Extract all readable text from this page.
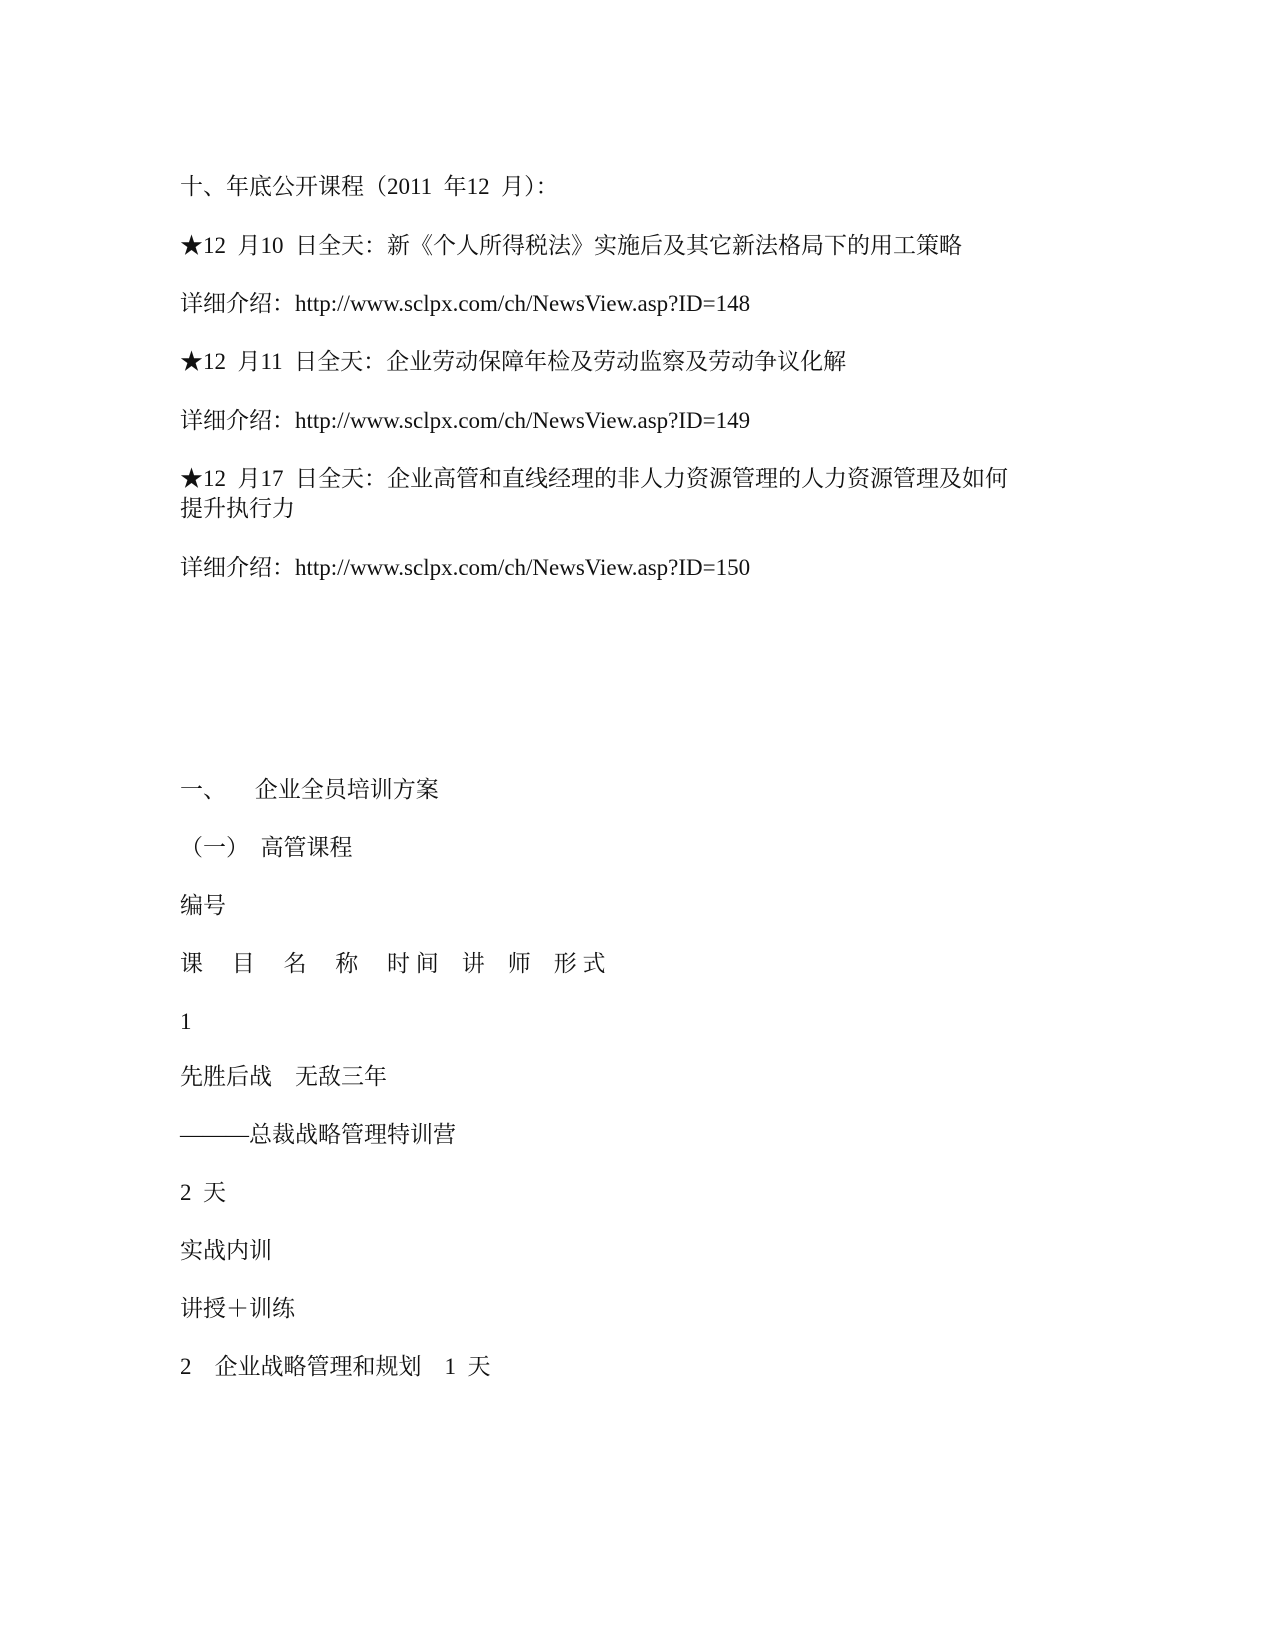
十、年底公开课程（2011  年12  月）：
★12  月10  日全天：新《个人所得税法》实施后及其它新法格局下的用工策略
详细介绍：http://www.sclpx.com/ch/NewsView.asp?ID=148
★12  月11  日全天：企业劳动保障年检及劳动监察及劳动争议化解
详细介绍：http://www.sclpx.com/ch/NewsView.asp?ID=149
★12  月17  日全天：企业高管和直线经理的非人力资源管理的人力资源管理及如何
提升执行力
详细介绍：http://www.sclpx.com/ch/NewsView.asp?ID=150
一、     企业全员培训方案
（一）  高管课程
编号
课     目     名     称     时 间    讲    师    形 式
1
先胜后战    无敌三年
———总裁战略管理特训营
2  天
实战内训
讲授＋训练
2    企业战略管理和规划    1  天
